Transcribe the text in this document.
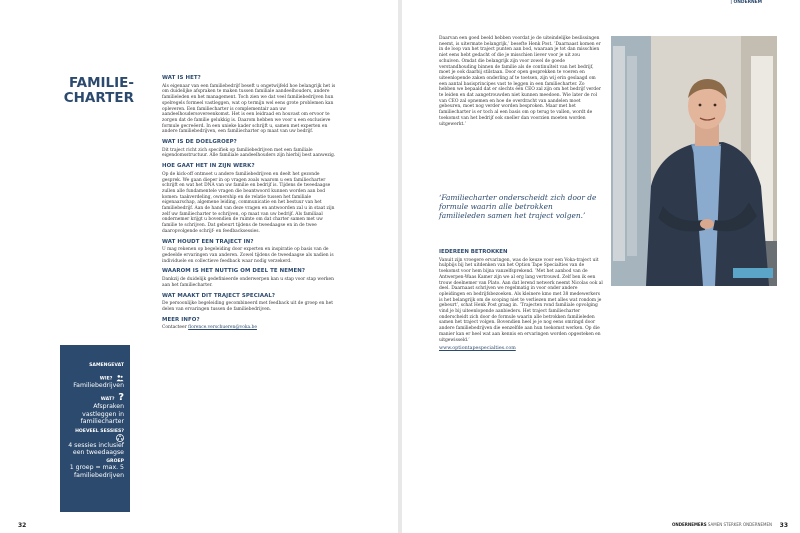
FAMILIE-
CHARTER
WAT IS HET?

Als eigenaar van een familiebedrijf beseft u ongetwijfeld hoe belangrijk het is om duidelijke afspraken te maken tussen familiale aandeelhouders, andere familieleden en het management. Toch zien we dat veel familiebedrijven hun spelregels formeel vastleggen, wat op termijn wel eens grote problemen kan opleveren. Een familiecharter is complementair aan uw aandeelhoudersovereenkomst. Het is een leidraad en houvast om ervoor te zorgen dat de familie gelukkig is. Daarom hebben we voor u een exclusieve formule gecreëerd. In een unieke kader schrijft u, samen met experten en andere familiebedrijven, een familiecharter op maat van uw bedrijf.

WAT IS DE DOELGROEP?

Dit traject richt zich specifiek op familiebedrijven met een familiale eigendomsstructuur. Alle familiale aandeelhouders zijn hierbij best aanwezig.

HOE GAAT HET IN ZIJN WERK?

Op de kick-off ontmoet u andere familiebedrijven en deelt het gezonde gesprek. We gaan dieper in op vragen zoals waarom u een familiecharter schrijft en wat het DNA van uw familie en bedrijf is. Tijdens de tweedaagse zullen alle fundamentele vragen die beantwoord kunnen worden aan bod komen: taakverdeling, ownership en de relatie tussen het familiale eigenaarschap, algemene leiding, communicatie en het bestuur van het familiebedrijf. Aan de hand van deze vragen en antwoorden zal u in staat zijn zelf uw familiecharter te schrijven, op maat van uw bedrijf. Als familiaal ondernemer krijgt u bovendien de ruimte om dat charter samen met uw familie te schrijven. Dat gebeurt tijdens de tweedaagse en in de twee daaropvolgende schrijf- en feedbacksessies.

WAT HOUDT EEN TRAJECT IN?

U mag rekenen op begeleiding door experten en inspiratie op basis van de gedeelde ervaringen van anderen. Zowel tijdens de tweedaagse als nadien is individuele en collectieve feedback waar nodig verzekerd.

WAAROM IS HET NUTTIG OM DEEL TE NEMEN?

Dankzij de duidelijk gedefinieerde onderwerpen kan u stap voor stap werken aan het familiecharter.

WAT MAAKT DIT TRAJECT SPECIAAL?

De persoonlijke begeleiding gecombineerd met feedback uit de groep en het delen van ervaringen tussen de familiebedrijven.

MEER INFO?

Contacteer florence.verschueren@voka.be

SAMENGEVAT
WIE?
Familiebedrijven
WAT? ?
Afspraken vastleggen in familiecharter
HOEVEEL SESSIES?
4 sessies inclusief een tweedaagse
GROEP
1 groep = max. 5 familiebedrijven
32
| ONDERNEM

Daarvan een goed beeld hebben voordat je de uiteindelijke beslissingen neemt, is uitermate belangrijk,’ besefte Henk Post. ‘Daarnaast komen er in de loop van het traject punten aan bod, waaraan je tot dan misschien niet eens hebt gedacht of die je misschien liever voor je uit zou schuiven. Omdat die belangrijk zijn voor zowel de goede verstandhouding binnen de familie als de continuïteit van het bedrijf, moet je ook daarbij stilstaan. Door open gesprekken te voeren en uiteenlopende zaken onderling af te toetsen, zijn wij erin geslaagd om een aantal basisprincipes vast te leggen in een familiecharter. Zo hebben we bepaald dat er slechts één CEO zal zijn om het bedrijf verder te leiden en dat aangetrouwden niet kunnen meedoen. Wie later de rol van CEO zal opnemen en hoe de overdracht van aandelen moet gebeuren, moet nog verder worden besproken. Maar met het familiecharter is er toch al een basis om op terug te vallen, wordt de toekomst van het bedrijf ook sneller dan voorzien moeten worden uitgewerkt.’

‘Familiecharter onderscheidt zich door de formule waarin alle betrokken familieleden samen het traject volgen.’
IEDEREEN BETROKKEN

Vanuit zijn vroegere ervaringen, was de keuze voor een Voka-traject uit hulpbijs bij het uitdenken van het Option Tape Specialties van de toekomst voor hem bijna vanzelfsprekend. ‘Met het aanbod van de Antwerpen-Waas Kamer zijn we al erg lang vertrouwd. Zelf ben ik een trouw deelnemer van Plato. Aan dat lerend netwerk neemt Nicolas ook al deel. Daarnaast schrijven we regelmatig in voor onder andere opleidingen en bedrijfsbezoeken. Als kleinere kmo met 38 medewerkers is het belangrijk om de scoping niet te verliezen met alles wat rondom je gebeurt’, schat Henk Post graag in. ‘Trajecten rond familiale opvolging vind je bij uiteenlopende aanbieders. Het traject familiecharter onderscheidt zich door de formule waarin alle betrokken familieleden samen het traject volgen. Bovendien heel je je nog eens omringd door andere familiebedrijven die eenzelfde aan hun toekomst werken. Op die manier kan er heel wat aan kennis en ervaringen worden opgesteken en uitgewisseld.’

www.optiontapespecialties.com

ONDERNEMERS SAMEN STERKER ONDERNEMEN 33
